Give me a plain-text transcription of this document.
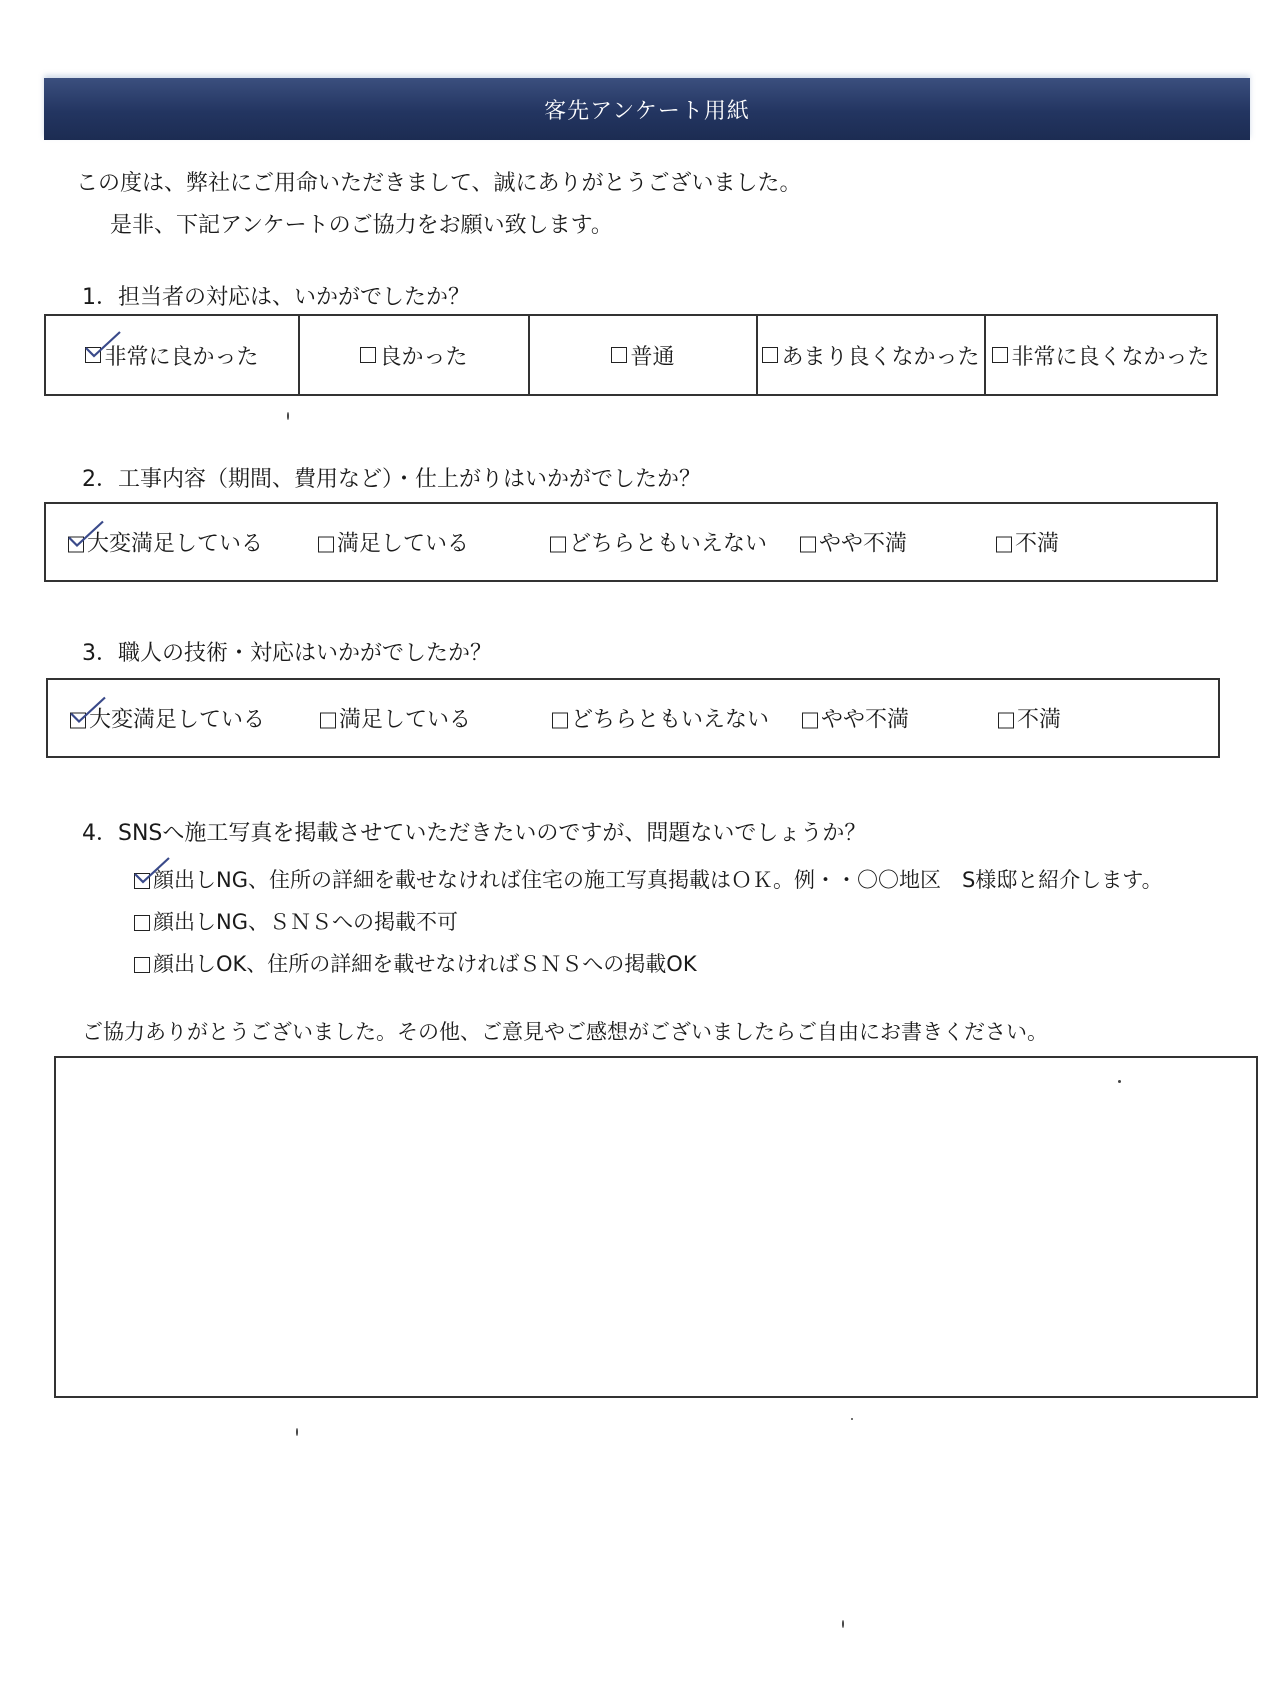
客先アンケート用紙
この度は、弊社にご用命いただきまして、誠にありがとうございました。
是非、下記アンケートのご協力をお願い致します。
1．担当者の対応は、いかがでしたか？
非常に良かった	良かった	普通	あまり良くなかった 非常に良くなかった
2．工事内容（期間、費用など）・仕上がりはいかがでしたか？
大変満足している	満足している	どちらともいえない	やや不満	不満
3．職人の技術・対応はいかがでしたか？
大変満足している	満足している	どちらともいえない	やや不満	不満
4．SNSへ施工写真を掲載させていただきたいのですが、問題ないでしょうか？
顔出しNG、住所の詳細を載せなければ住宅の施工写真掲載はＯＫ。例・・〇〇地区　S様邸と紹介します。
顔出しNG、ＳＮＳへの掲載不可
顔出しOK、住所の詳細を載せなければＳＮＳへの掲載OK
ご協力ありがとうございました。その他、ご意見やご感想がございましたらご自由にお書きください。
